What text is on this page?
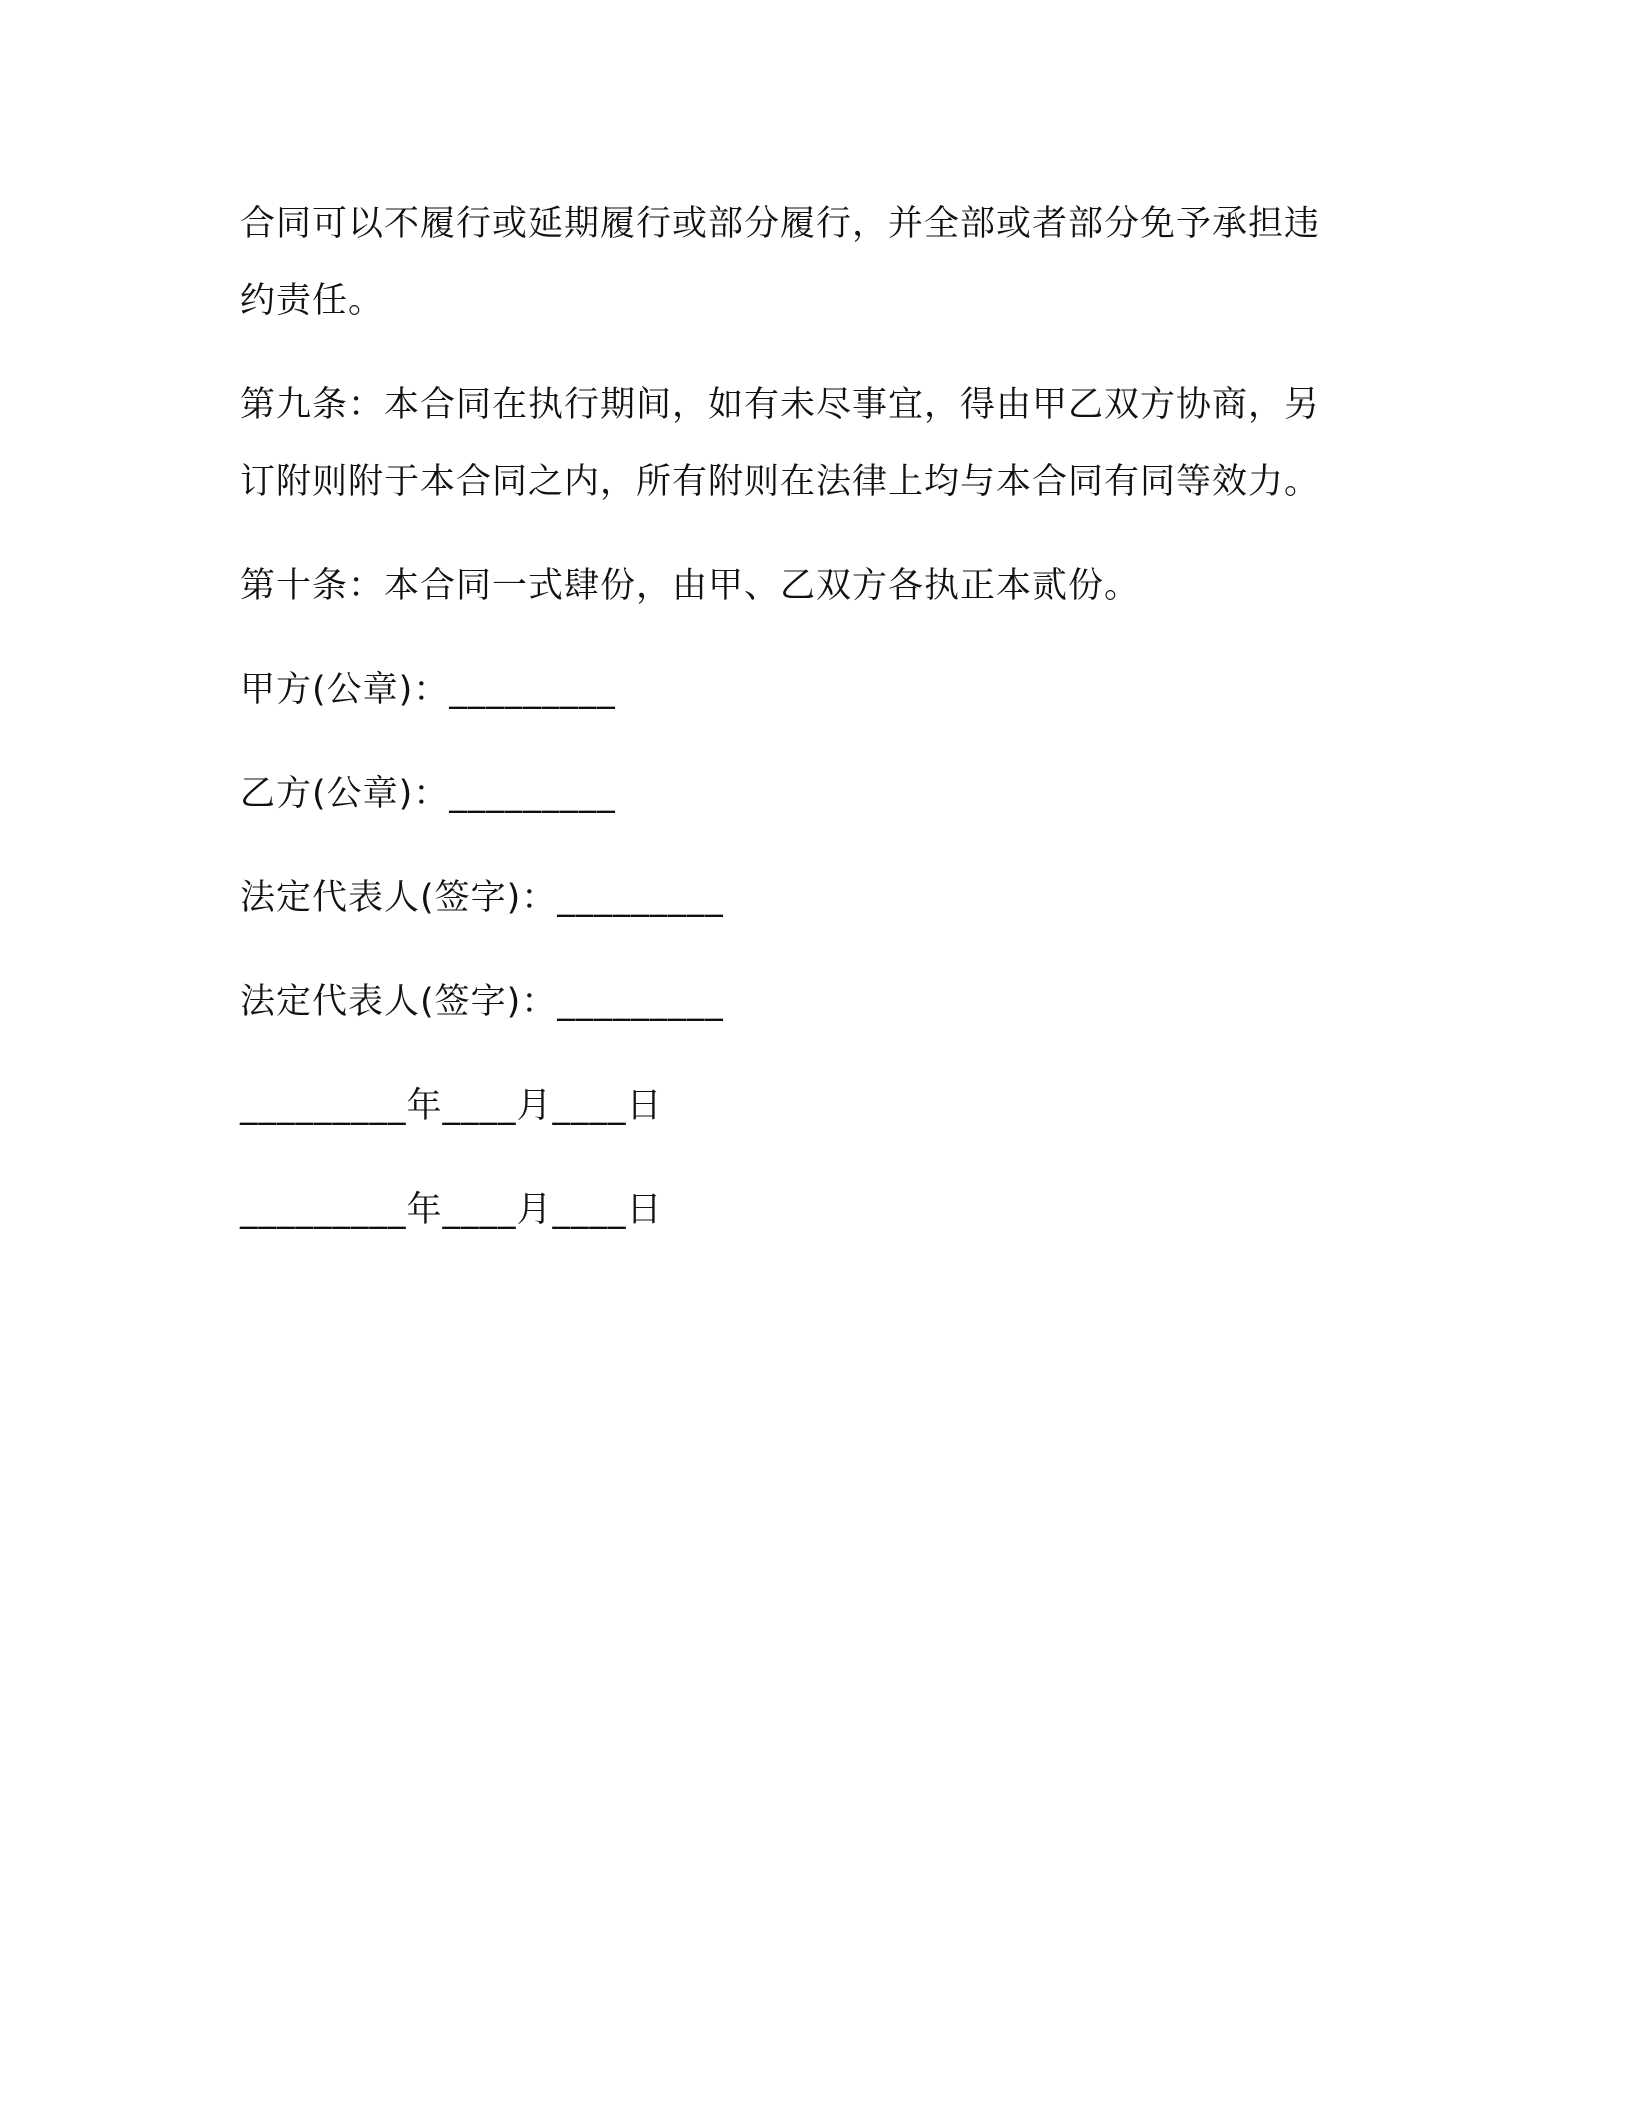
合同可以不履行或延期履行或部分履行，并全部或者部分免予承担违
约责任。
第九条：本合同在执行期间，如有未尽事宜，得由甲乙双方协商，另
订附则附于本合同之内，所有附则在法律上均与本合同有同等效力。
第十条：本合同一式肆份，由甲、乙双方各执正本贰份。
甲方(公章)：_________
乙方(公章)：_________
法定代表人(签字)：_________
法定代表人(签字)：_________
_________年____月____日
_________年____月____日
